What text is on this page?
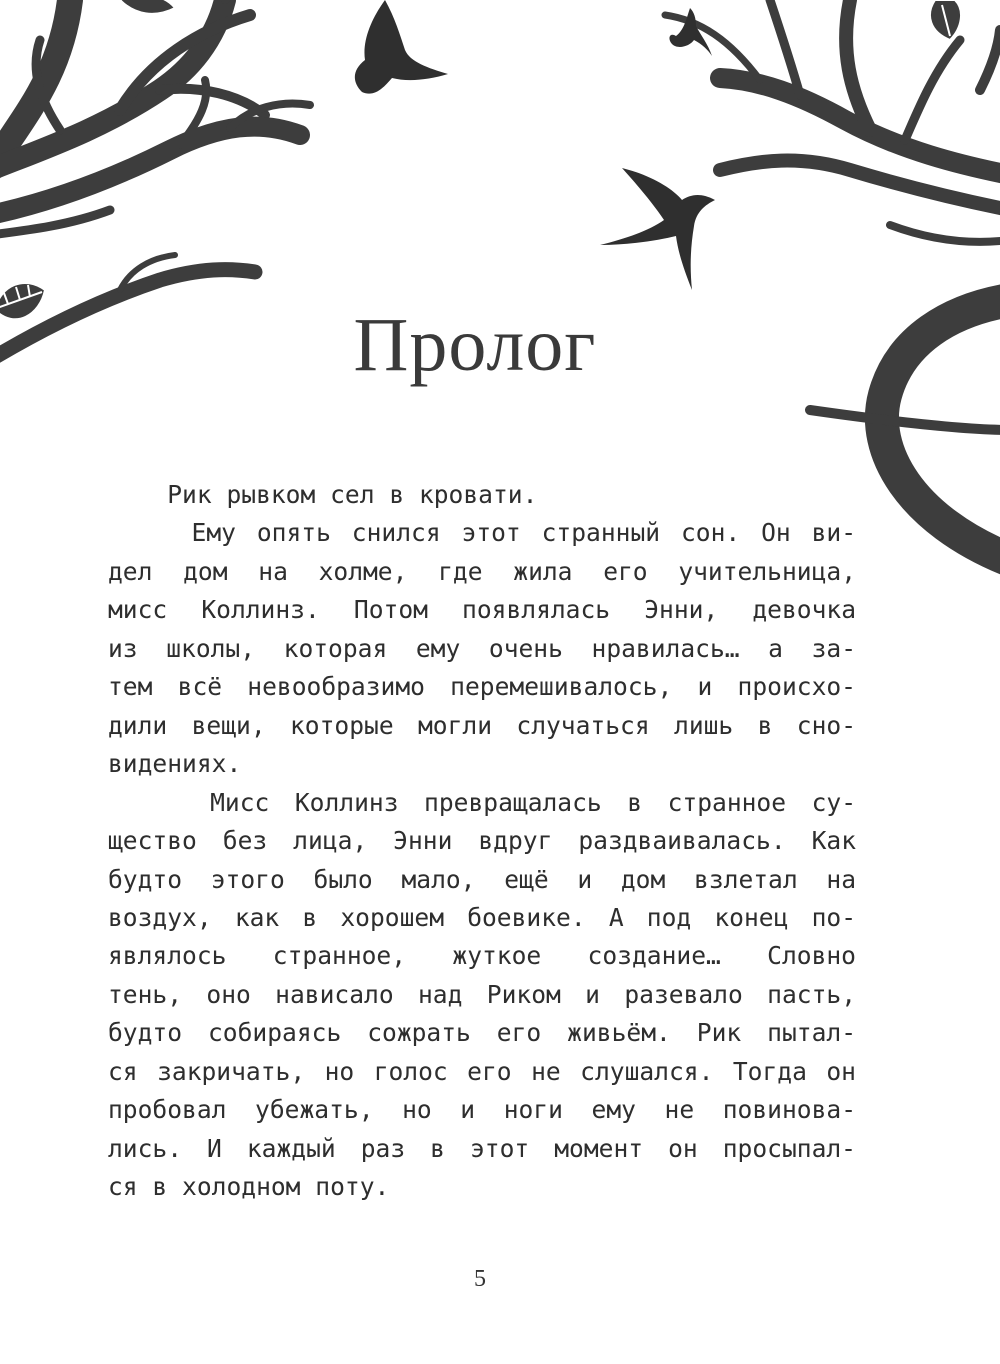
Пролог
Рик рывком сел в кровати.
Ему опять снился этот странный сон. Он ви-
дел дом на холме, где жила его учительница,
мисс Коллинз. Потом появлялась Энни, девочка
из школы, которая ему очень нравилась… а за-
тем всё невообразимо перемешивалось, и происхо-
дили вещи, которые могли случаться лишь в сно-
видениях.
Мисс Коллинз превращалась в странное су-
щество без лица, Энни вдруг раздваивалась. Как
будто этого было мало, ещё и дом взлетал на
воздух, как в хорошем боевике. А под конец по-
являлось странное, жуткое создание… Словно
тень, оно нависало над Риком и разевало пасть,
будто собираясь сожрать его живьём. Рик пытал-
ся закричать, но голос его не слушался. Тогда он
пробовал убежать, но и ноги ему не повинова-
лись. И каждый раз в этот момент он просыпал-
ся в холодном поту.
5
